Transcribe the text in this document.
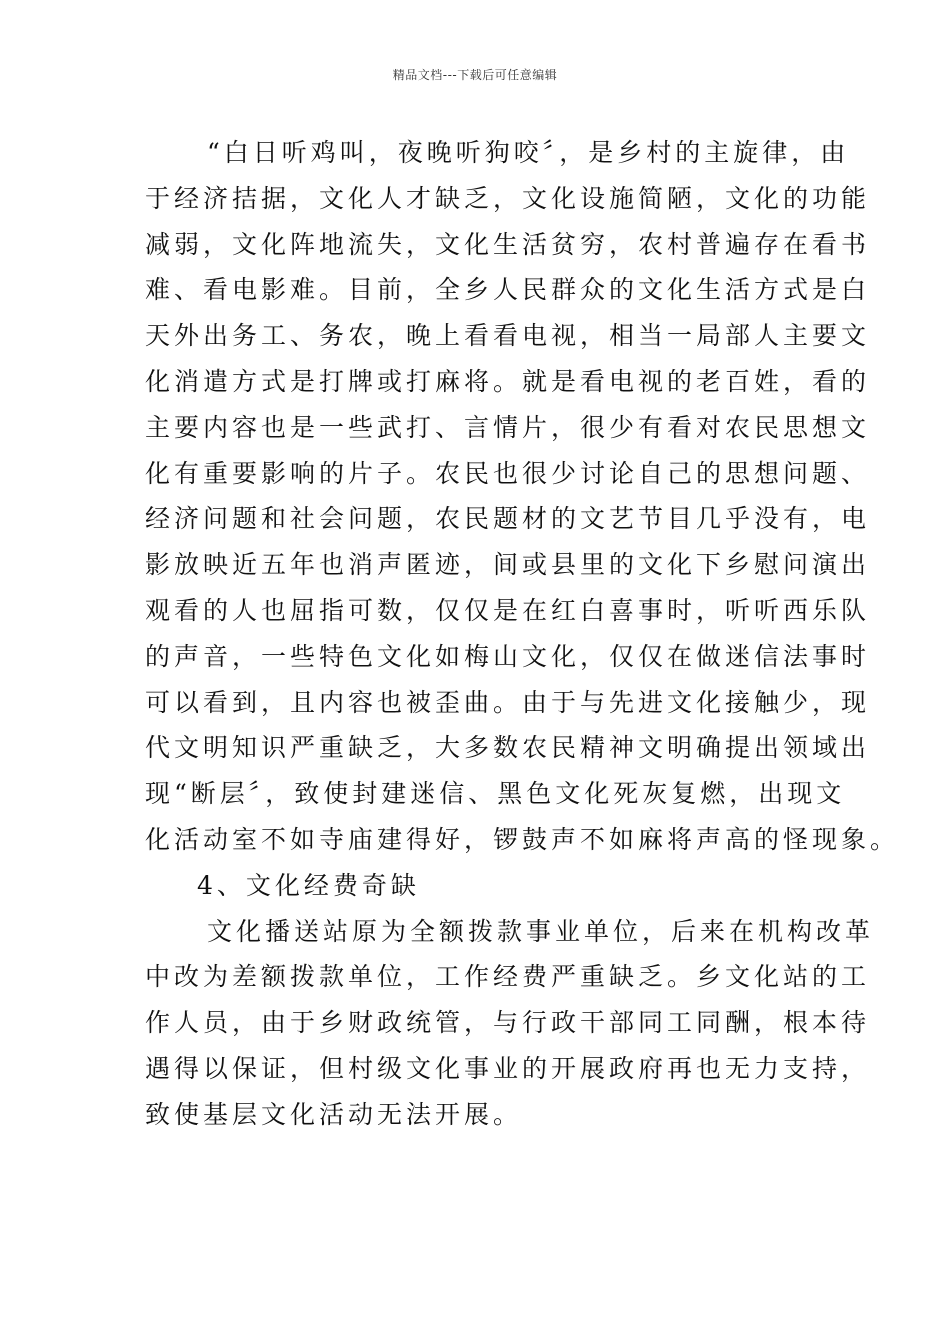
精品文档---下载后可任意编辑
“白日听鸡叫，夜晚听狗咬〞，是乡村的主旋律，由
于经济拮据，文化人才缺乏，文化设施简陋，文化的功能
减弱，文化阵地流失，文化生活贫穷，农村普遍存在看书
难、看电影难。目前，全乡人民群众的文化生活方式是白
天外出务工、务农，晚上看看电视，相当一局部人主要文
化消遣方式是打牌或打麻将。就是看电视的老百姓，看的
主要内容也是一些武打、言情片，很少有看对农民思想文
化有重要影响的片子。农民也很少讨论自己的思想问题、
经济问题和社会问题，农民题材的文艺节目几乎没有，电
影放映近五年也消声匿迹，间或县里的文化下乡慰问演出
观看的人也屈指可数，仅仅是在红白喜事时，听听西乐队
的声音，一些特色文化如梅山文化，仅仅在做迷信法事时
可以看到，且内容也被歪曲。由于与先进文化接触少，现
代文明知识严重缺乏，大多数农民精神文明确提出领域出
现“断层〞，致使封建迷信、黑色文化死灰复燃，出现文
化活动室不如寺庙建得好，锣鼓声不如麻将声高的怪现象。
4、文化经费奇缺
文化播送站原为全额拨款事业单位，后来在机构改革
中改为差额拨款单位，工作经费严重缺乏。乡文化站的工
作人员，由于乡财政统管，与行政干部同工同酬，根本待
遇得以保证，但村级文化事业的开展政府再也无力支持，
致使基层文化活动无法开展。
